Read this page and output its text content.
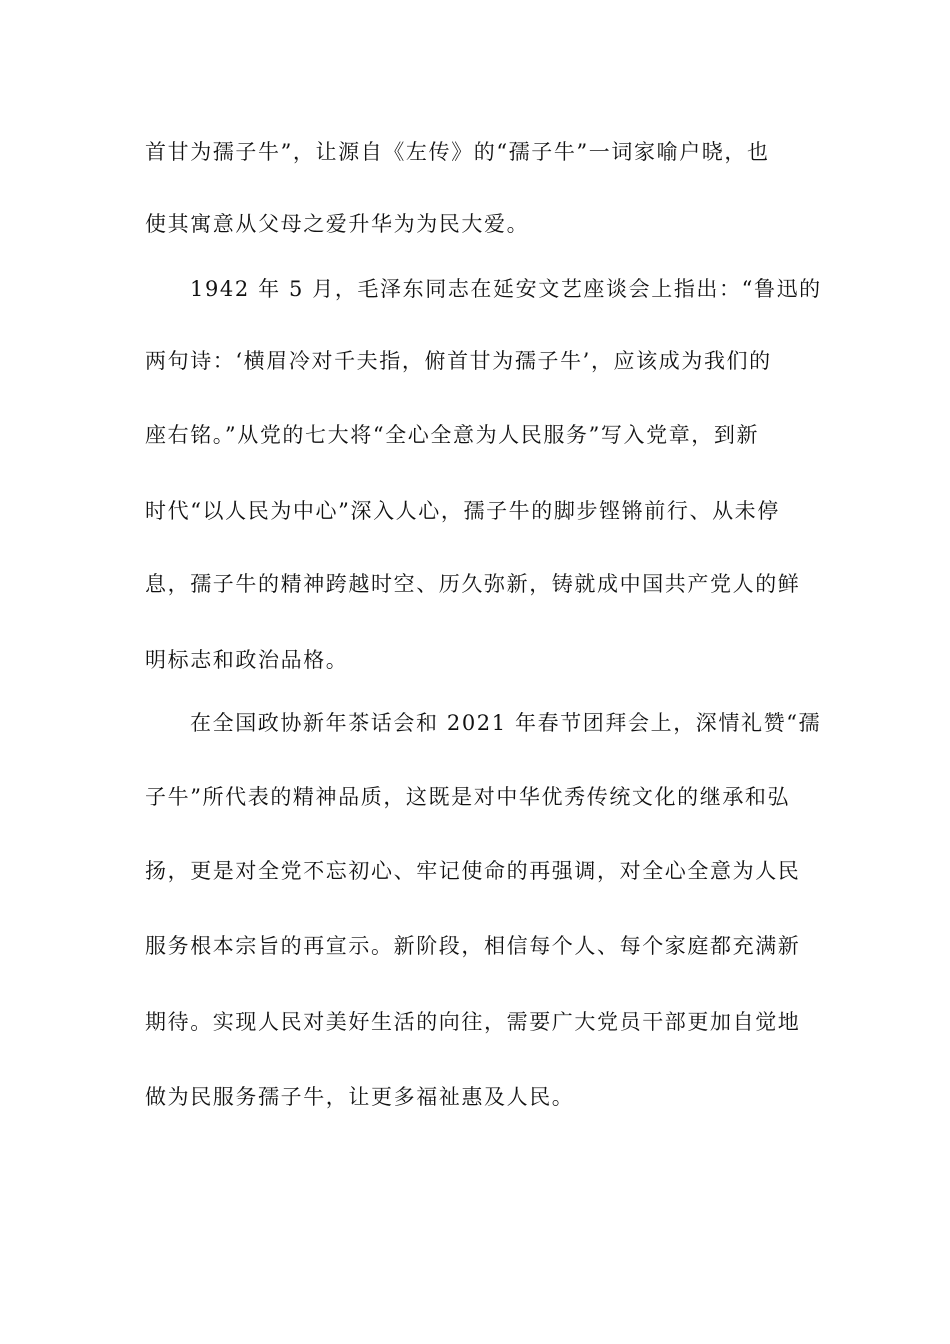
首甘为孺子牛”，让源自《左传》的“孺子牛”一词家喻户晓，也
使其寓意从父母之爱升华为为民大爱。
1942 年 5 月，毛泽东同志在延安文艺座谈会上指出：“鲁迅的
两句诗：‘横眉冷对千夫指，俯首甘为孺子牛’，应该成为我们的
座右铭。”从党的七大将“全心全意为人民服务”写入党章，到新
时代“以人民为中心”深入人心，孺子牛的脚步铿锵前行、从未停
息，孺子牛的精神跨越时空、历久弥新，铸就成中国共产党人的鲜
明标志和政治品格。
在全国政协新年茶话会和 2021 年春节团拜会上，深情礼赞“孺
子牛”所代表的精神品质，这既是对中华优秀传统文化的继承和弘
扬，更是对全党不忘初心、牢记使命的再强调，对全心全意为人民
服务根本宗旨的再宣示。新阶段，相信每个人、每个家庭都充满新
期待。实现人民对美好生活的向往，需要广大党员干部更加自觉地
做为民服务孺子牛，让更多福祉惠及人民。
